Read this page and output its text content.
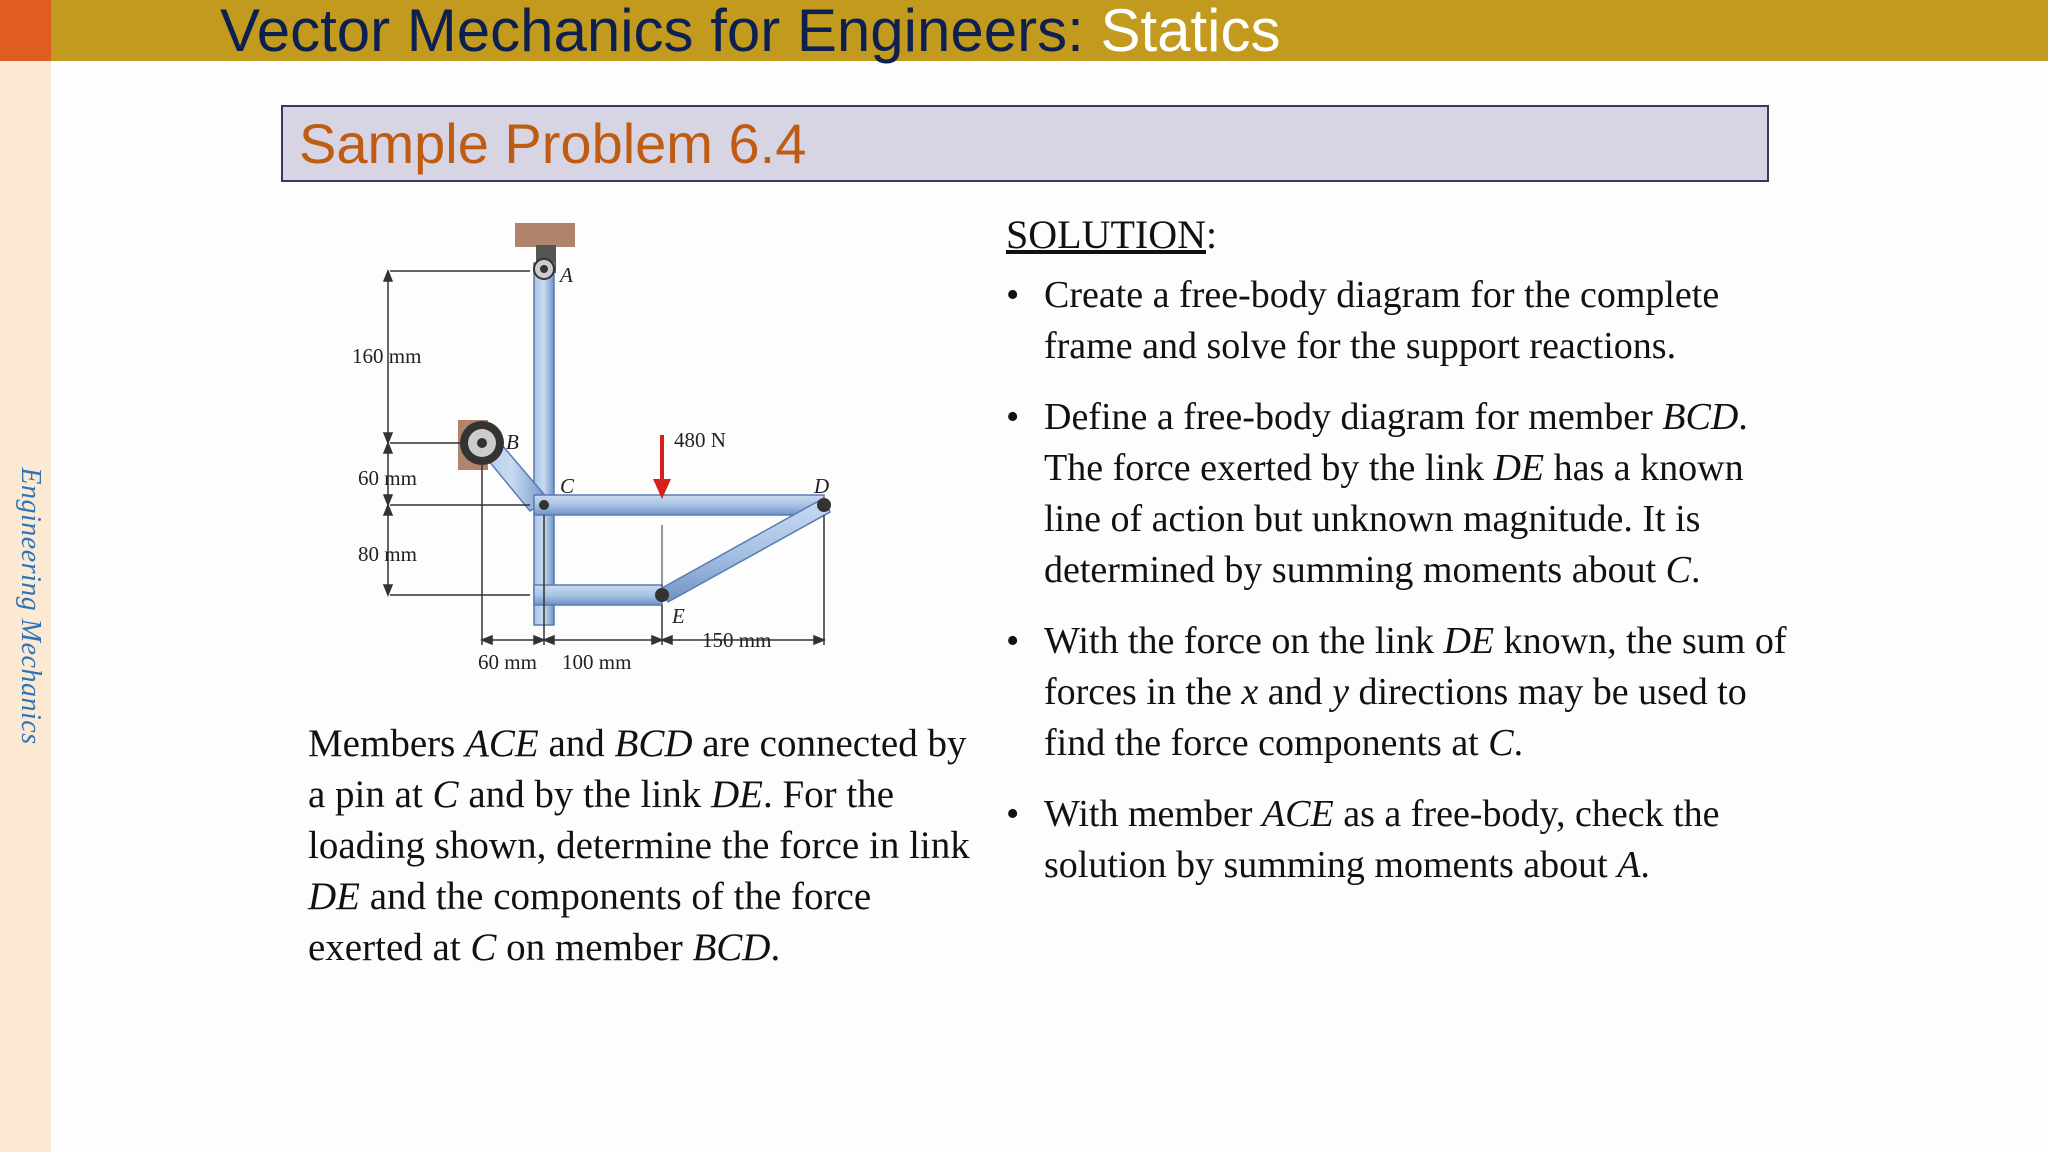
Vector Mechanics for Engineers: Statics
Engineering Mechanics
Sample Problem 6.4
A
B
C	D
E
480 N
160 mm
60 mm
80 mm
60 mm 100 mm
150 mm
Members ACE and BCD are connected by a pin at C and by the link DE. For the loading shown, determine the force in link DE and the components of the force exerted at C on member BCD.
SOLUTION:
• Create a free-body diagram for the complete frame and solve for the support reactions.
• Define a free-body diagram for member BCD. The force exerted by the link DE has a known line of action but unknown magnitude. It is determined by summing moments about C.
• With the force on the link DE known, the sum of forces in the x and y directions may be used to find the force components at C.
• With member ACE as a free-body, check the solution by summing moments about A.
